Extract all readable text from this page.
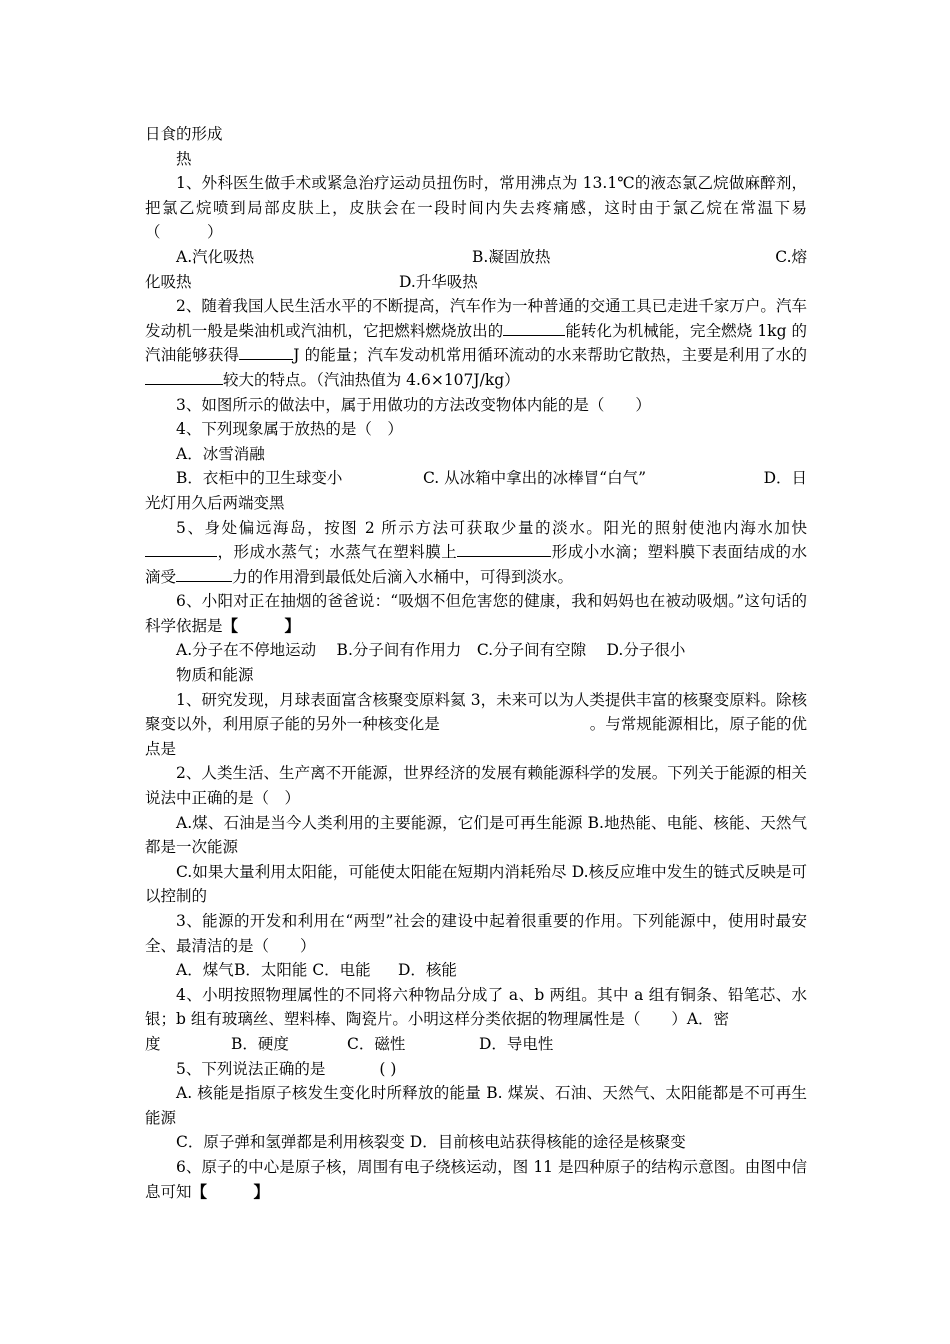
日食的形成

热

1、外科医生做手术或紧急治疗运动员扭伤时，常用沸点为 13.1℃的液态氯乙烷做麻醉剂，把氯乙烷喷到局部皮肤上，皮肤会在一段时间内失去疼痛感，这时由于氯乙烷在常温下易（　　　）

A.汽化吸热	B.凝固放热	C.熔
化吸热	D.升华吸热

2、随着我国人民生活水平的不断提高，汽车作为一种普通的交通工具已走进千家万户。汽车发动机一般是柴油机或汽油机，它把燃料燃烧放出的	能转化为机械能，完全燃烧 1kg 的汽油能够获得	J 的能量；汽车发动机常用循环流动的水来帮助它散热，主要是利用了水的较大的特点。（汽油热值为 4.6×107J/kg）

3、如图所示的做法中，属于用做功的方法改变物体内能的是（　　）

4、下列现象属于放热的是（　）

A．冰雪消融

B．衣柜中的卫生球变小	C. 从冰箱中拿出的冰棒冒“白气”	D．日

光灯用久后两端变黑

5、身处偏远海岛，按图 2 所示方法可获取少量的淡水。阳光的照射使池内海水加快，形成水蒸气；水蒸气在塑料膜上	形成小水滴；塑料膜下表面结成的水滴受	力的作用滑到最低处后滴入水桶中，可得到淡水。

6、小阳对正在抽烟的爸爸说：“吸烟不但危害您的健康，我和妈妈也在被动吸烟。”这句话的科学依据是【　　　】

A.分子在不停地运动　 B.分子间有作用力　C.分子间有空隙　 D.分子很小

物质和能源

1、研究发现，月球表面富含核聚变原料氦 3，未来可以为人类提供丰富的核聚变原料。除核聚变以外，利用原子能的另外一种核变化是	。与常规能源相比，原子能的优点是

2、人类生活、生产离不开能源，世界经济的发展有赖能源科学的发展。下列关于能源的相关说法中正确的是（　）

A.煤、石油是当今人类利用的主要能源，它们是可再生能源 B.地热能、电能、核能、天然气都是一次能源

C.如果大量利用太阳能，可能使太阳能在短期内消耗殆尽 D.核反应堆中发生的链式反映是可以控制的

3、能源的开发和利用在“两型”社会的建设中起着很重要的作用。下列能源中，使用时最安全、最清洁的是（　　）

A．煤气 B．太阳能 C．电能 D．核能

4、小明按照物理属性的不同将六种物品分成了 a、b 两组。其中 a 组有铜条、铅笔芯、水银；b 组有玻璃丝、塑料棒、陶瓷片。小明这样分类依据的物理属性是（　　）A．密

度	B．硬度	C．磁性	D．导电性

5、下列说法正确的是	( )

A. 核能是指原子核发生变化时所释放的能量 B. 煤炭、石油、天然气、太阳能都是不可再生能源

C．原子弹和氢弹都是利用核裂变 D．目前核电站获得核能的途径是核聚变

6、原子的中心是原子核，周围有电子绕核运动，图 11 是四种原子的结构示意图。由图中信息可知【　　　】
